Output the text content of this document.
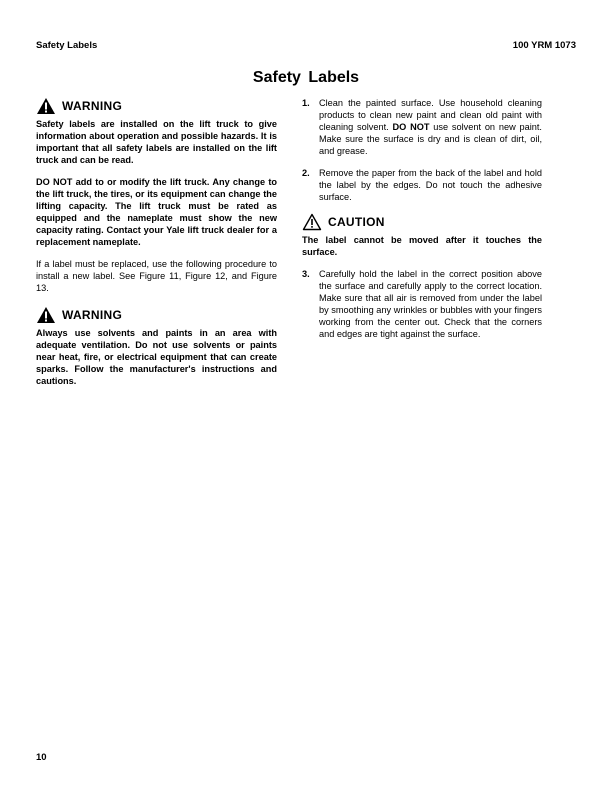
Safety Labels	100 YRM 1073
Safety Labels
WARNING

Safety labels are installed on the lift truck to give information about operation and possible hazards. It is important that all safety labels are installed on the lift truck and can be read.

DO NOT add to or modify the lift truck. Any change to the lift truck, the tires, or its equipment can change the lifting capacity. The lift truck must be rated as equipped and the nameplate must show the new capacity rating. Contact your Yale lift truck dealer for a replacement nameplate.

If a label must be replaced, use the following procedure to install a new label. See Figure 11, Figure 12, and Figure 13.

WARNING

Always use solvents and paints in an area with adequate ventilation. Do not use solvents or paints near heat, fire, or electrical equipment that can create sparks. Follow the manufacturer's instructions and cautions.

1.	Clean the painted surface. Use household cleaning products to clean new paint and clean old paint with cleaning solvent. DO NOT use solvent on new paint. Make sure the surface is dry and is clean of dirt, oil, and grease.
2.	Remove the paper from the back of the label and hold the label by the edges. Do not touch the adhesive surface.
CAUTION

The label cannot be moved after it touches the surface.

3.	Carefully hold the label in the correct position above the surface and carefully apply to the correct location. Make sure that all air is removed from under the label by smoothing any wrinkles or bubbles with your fingers working from the center out. Check that the corners and edges are tight against the surface.
10
